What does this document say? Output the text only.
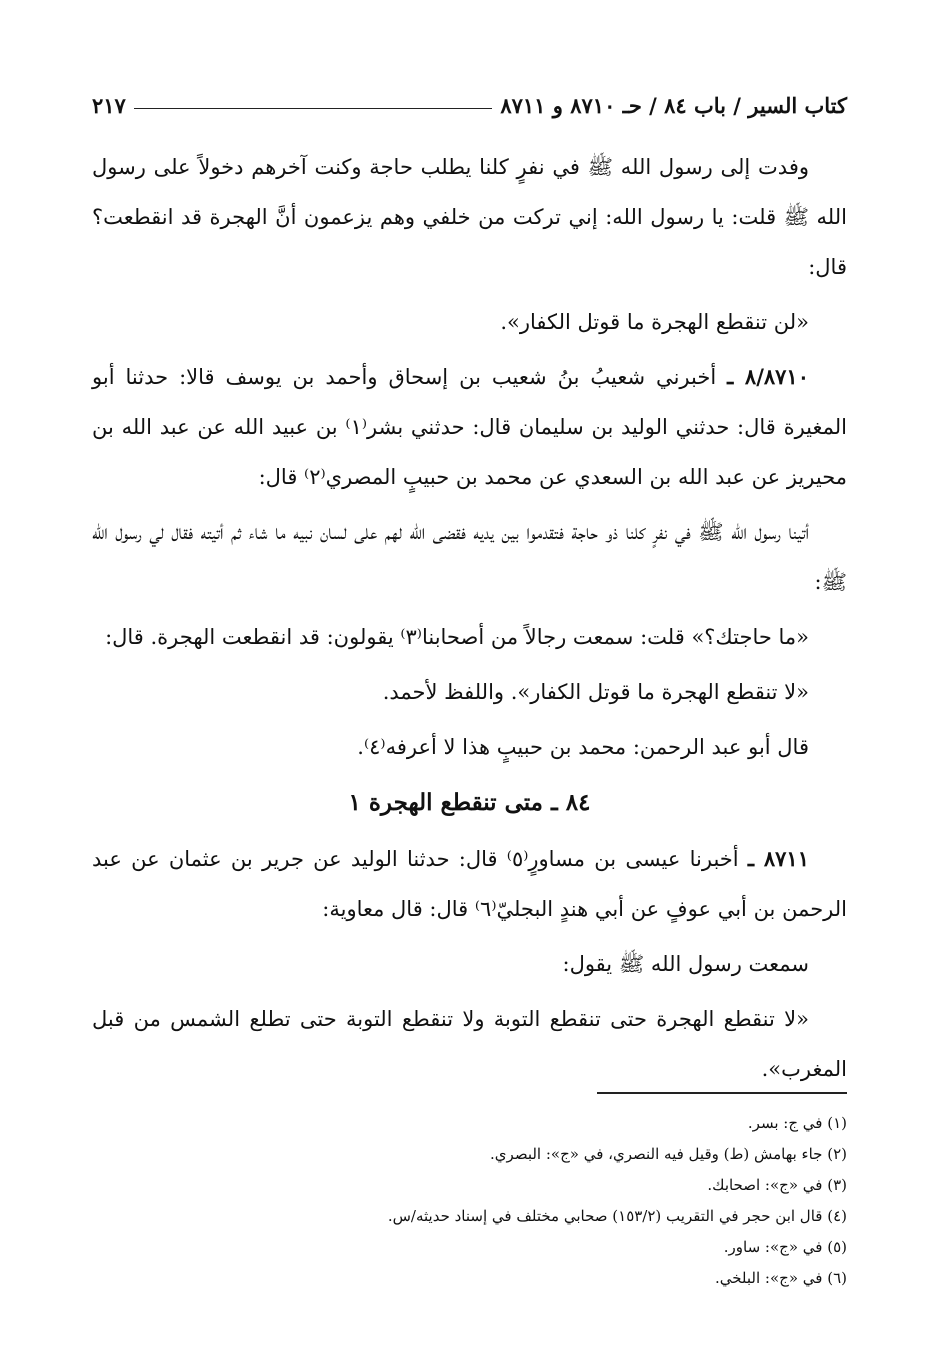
كتاب السير / باب ٨٤ / حـ ٨٧١٠ و ٨٧١١
٢١٧

وفدت إلى رسول الله ﷺ في نفرٍ كلنا يطلب حاجة وكنت آخرهم دخولاً على رسول الله ﷺ قلت: يا رسول الله: إني تركت من خلفي وهم يزعمون أنَّ الهجرة قد انقطعت؟ قال:

«لن تنقطع الهجرة ما قوتل الكفار».

٨/٨٧١٠ ـ أخبرني شعيبُ بنُ شعيب بن إسحاق وأحمد بن يوسف قالا: حدثنا أبو المغيرة قال: حدثني الوليد بن سليمان قال: حدثني بشر⁽١⁾ بن عبيد الله عن عبد الله بن محيريز عن عبد الله بن السعدي عن محمد بن حبيبٍ المصري⁽٢⁾ قال:

أتينا رسول الله ﷺ في نفرٍ كلنا ذو حاجة فتقدموا بين يديه فقضى الله لهم على لسان نبيه ما شاء ثم أتيته فقال لي رسول الله ﷺ:

«ما حاجتك؟» قلت: سمعت رجالاً من أصحابنا⁽٣⁾ يقولون: قد انقطعت الهجرة. قال:

«لا تنقطع الهجرة ما قوتل الكفار». واللفظ لأحمد.

قال أبو عبد الرحمن: محمد بن حبيبٍ هذا لا أعرفه⁽٤⁾.

٨٤ ـ متى تنقطع الهجرة ١

٨٧١١ ـ أخبرنا عيسى بن مساورٍ⁽٥⁾ قال: حدثنا الوليد عن جرير بن عثمان عن عبد الرحمن بن أبي عوفٍ عن أبي هندٍ البجليّ⁽٦⁾ قال: قال معاوية:

سمعت رسول الله ﷺ يقول:

«لا تنقطع الهجرة حتى تنقطع التوبة ولا تنقطع التوبة حتى تطلع الشمس من قبل المغرب».

(١) في ج: بسر.
(٢) جاء بهامش (ط) وقيل فيه النصري، في «ج»: البصري.
(٣) في «ج»: اصحابك.
(٤) قال ابن حجر في التقريب (١٥٣/٢) صحابي مختلف في إسناد حديثه/س.
(٥) في «ج»: ساور.
(٦) في «ج»: البلخي.
